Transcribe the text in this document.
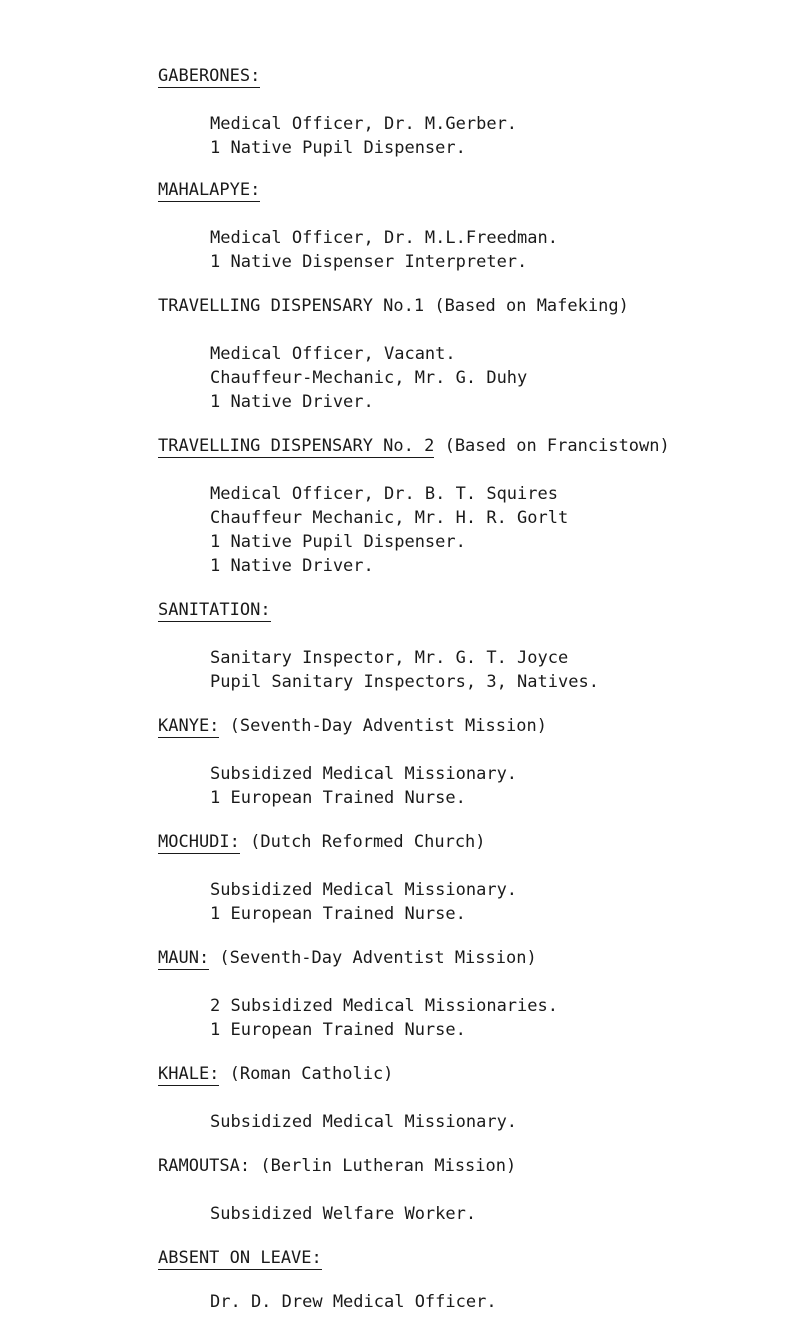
GABERONES:
Medical Officer, Dr. M.Gerber.
1 Native Pupil Dispenser.
MAHALAPYE:
Medical Officer, Dr. M.L.Freedman.
1 Native Dispenser Interpreter.
TRAVELLING DISPENSARY No.1 (Based on Mafeking)
Medical Officer, Vacant.
Chauffeur-Mechanic, Mr. G. Duhy
1 Native Driver.
TRAVELLING DISPENSARY No. 2 (Based on Francistown)
Medical Officer, Dr. B. T. Squires
Chauffeur Mechanic, Mr. H. R. Gorlt
1 Native Pupil Dispenser.
1 Native Driver.
SANITATION:
Sanitary Inspector, Mr. G. T. Joyce
Pupil Sanitary Inspectors, 3, Natives.
KANYE: (Seventh-Day Adventist Mission)
Subsidized Medical Missionary.
1 European Trained Nurse.
MOCHUDI: (Dutch Reformed Church)
Subsidized Medical Missionary.
1 European Trained Nurse.
MAUN: (Seventh-Day Adventist Mission)
2 Subsidized Medical Missionaries.
1 European Trained Nurse.
KHALE: (Roman Catholic)
Subsidized Medical Missionary.
RAMOUTSA: (Berlin Lutheran Mission)
Subsidized Welfare Worker.
ABSENT ON LEAVE:
Dr. D. Drew Medical Officer.
